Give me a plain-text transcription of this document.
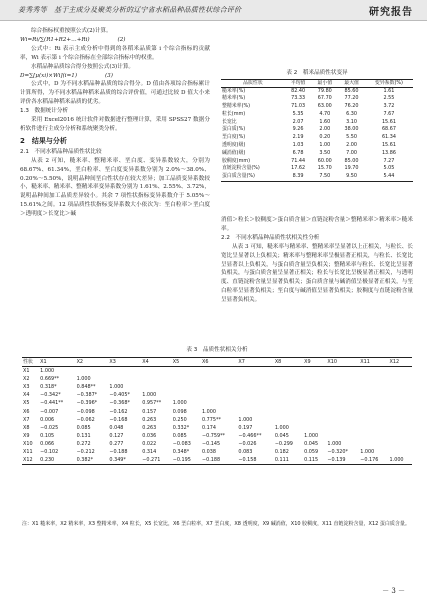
姜秀秀等　基于主成分及聚类分析的辽宁省水稻品种品质性状综合评价	研究报告

综合指标权重按照公式(2)计算。

Wi=Ri/∑(R1+R2+…+Ri)　　　　　(2)

公式中：Ri 表示主成分析中得到的各稻米品质第 i 个综合指标的贡献率，Wi 表示第 i 个综合指标在全部综合指标中的权重。

水稻品种品质综合得分按照公式(3)计算。

D=∑[μ(xi)×Wi](i=1)　　　　　(3)

公式中，D 为不同水稻品种品质的综合得分。D 值由各项综合指标累计计算所得，为不同水稻品种稻米品质的综合评价值，可通过比较 D 值大小来评价各水稻品种稻米品质的优劣。

1.3　数据统计分析

采用 Excel2016 统计软件对数据进行整理计算，采用 SPSS27 数据分析软件进行主成分分析和系统聚类分析。

2　结果与分析

2.1　不同水稻品种品质性状比较

从表 2 可知，糙米率、整精米率、垩白度、变异系数较大，分别为 68.67%、61.34%，垩白粒率、垩白度变异系数分别为 2.0%～38.0%、0.20%～5.50%，说明品种间垩白性状存在较大差异；加工品质变异系数较小，糙米率、精米率、整精米率变异系数分别为 1.61%、2.55%、3.72%，说明品种间加工品质差异较小。其余 7 项性状指标变异系数介于 5.05%～15.61%之间。12 项品质性状指标变异系数大小依次为：垩白粒率＞垩白度＞透明度＞长宽比＞碱

表 2　稻米品质性状变异
品质性状	平均值	最小值	最大值	变异系数(%)
糙米率(%)	82.40	79.80	85.60	1.61
精米率(%)	73.33	67.70	77.20	2.55
整精米率(%)	71.03	63.00	76.20	3.72
粒长(mm)	5.35	4.70	6.30	7.67
长宽比	2.07	1.60	3.10	15.61
蛋白质(%)	9.26	2.00	38.00	68.67
垩白度(%)	2.19	0.20	5.50	61.34
透明度(级)	1.03	1.00	2.00	15.61
碱消值(级)	6.78	3.50	7.00	13.86
胶稠度(mm)	71.44	60.00	85.00	7.27
直链淀粉含量(%)	17.62	15.70	19.70	5.05
蛋白质含量(%)	8.39	7.50	9.50	5.44

消值＞粒长＞胶稠度＞蛋白质含量＞直链淀粉含量＞整精米率＞精米率＞糙米率。

2.2　不同水稻品种品质性状相关性分析

从表 3 可知，糙米率与精米率、整精米率呈显著以上正相关，与粒长、长宽比呈显著以上负相关；精米率与整精米率呈极显著正相关，与粒长、长宽比呈显著以上负相关，与蛋白质含量呈负相关；整精米率与粒长、长宽比呈显著负相关，与蛋白质含量呈显著正相关；粒长与长宽比呈极显著正相关，与透明度、直链淀粉含量呈显著负相关；蛋白质含量与碱消值呈极显著正相关，与垩白粒率呈显著负相关；垩白度与碱消值呈显著负相关；胶稠度与直链淀粉含量呈显著负相关。

表 3　品质性状相关分析
性状	X1	X2	X3	X4	X5	X6	X7	X8	X9	X10	X11	X12
X1	1.000											
X2	0.669**	1.000										
X3	0.318*	0.848**	1.000									
X4	−0.342*	−0.387*	−0.405*	1.000								
X5	−0.441**	−0.396*	−0.368*	0.957**	1.000							
X6	−0.007	−0.098	−0.162	0.157	0.098	1.000						
X7	0.006	−0.062	−0.168	0.263	0.250	0.775**	1.000					
X8	−0.025	0.085	0.048	0.263	0.332*	0.174	0.197	1.000				
X9	0.105	0.131	0.127	0.036	0.085	−0.759**	−0.466**	0.045	1.000			
X10	0.066	0.272	0.277	0.022	−0.083	−0.145	−0.026	−0.299	0.045	1.000		
X11	−0.102	−0.212	−0.188	0.314	0.348*	0.038	0.083	0.182	0.059	−0.320*	1.000	
X12	0.230	0.382*	0.349*	−0.271	−0.195	−0.188	−0.158	0.111	0.115	−0.139	−0.176	1.000
注：X1 糙米率，X2 精米率，X3 整精米率，X4 粒长，X5 长宽比，X6 垩白粒率，X7 垩白度，X8 透明度，X9 碱消值，X10 胶稠度，X11 直链淀粉含量，X12 蛋白质含量。
－ 3 －
